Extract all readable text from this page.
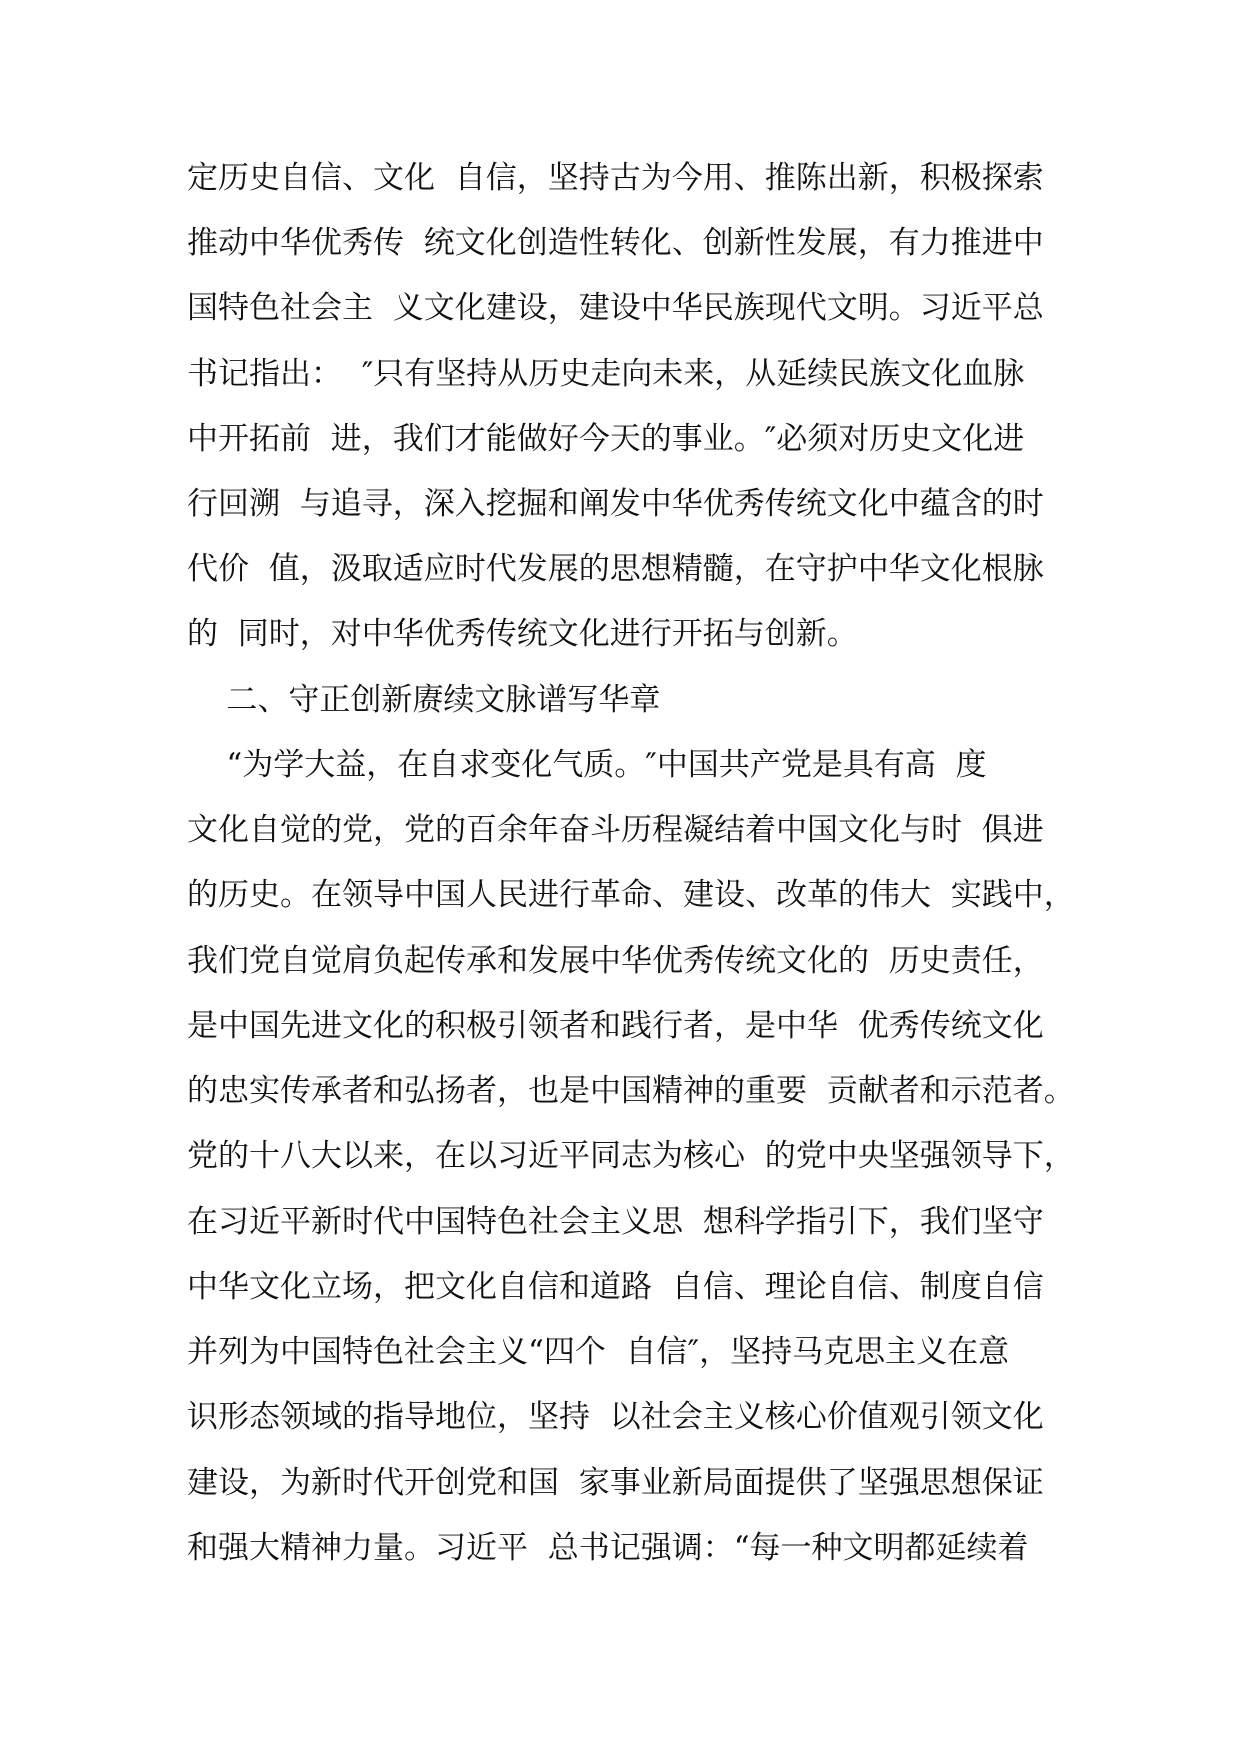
定历史自信、文化  自信，坚持古为今用、推陈出新，积极探索

推动中华优秀传  统文化创造性转化、创新性发展，有力推进中

国特色社会主  义文化建设，建设中华民族现代文明。习近平总

书记指出：  ″只有坚持从历史走向未来，从延续民族文化血脉

中开拓前  进，我们才能做好今天的事业。″必须对历史文化进

行回溯  与追寻，深入挖掘和阐发中华优秀传统文化中蕴含的时

代价  值，汲取适应时代发展的思想精髓，在守护中华文化根脉

的  同时，对中华优秀传统文化进行开拓与创新。

二、守正创新赓续文脉谱写华章

“为学大益，在自求变化气质。″中国共产党是具有高  度

文化自觉的党，党的百余年奋斗历程凝结着中国文化与时  俱进

的历史。在领导中国人民进行革命、建设、改革的伟大  实践中，

我们党自觉肩负起传承和发展中华优秀传统文化的  历史责任，

是中国先进文化的积极引领者和践行者，是中华  优秀传统文化

的忠实传承者和弘扬者，也是中国精神的重要  贡献者和示范者。

党的十八大以来，在以习近平同志为核心  的党中央坚强领导下，

在习近平新时代中国特色社会主义思  想科学指引下，我们坚守

中华文化立场，把文化自信和道路  自信、理论自信、制度自信

并列为中国特色社会主义“四个  自信″，坚持马克思主义在意

识形态领域的指导地位，坚持  以社会主义核心价值观引领文化

建设，为新时代开创党和国  家事业新局面提供了坚强思想保证

和强大精神力量。习近平  总书记强调：“每一种文明都延续着
